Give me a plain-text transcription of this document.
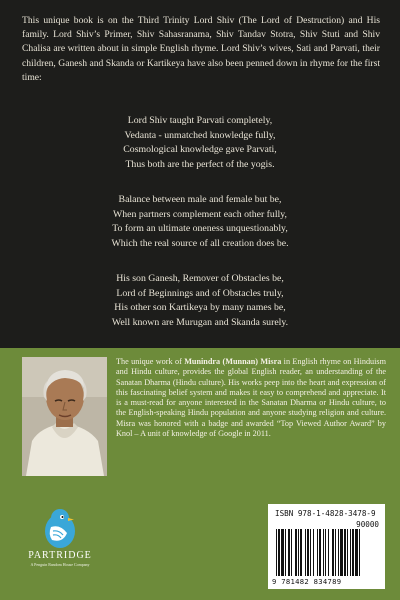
This unique book is on the Third Trinity Lord Shiv (The Lord of Destruction) and His family. Lord Shiv’s Primer, Shiv Sahasranama, Shiv Tandav Stotra, Shiv Stuti and Shiv Chalisa are written about in simple English rhyme. Lord Shiv’s wives, Sati and Parvati, their children, Ganesh and Skanda or Kartikeya have also been penned down in rhyme for the first time:
Lord Shiv taught Parvati completely,
Vedanta - unmatched knowledge fully,
Cosmological knowledge gave Parvati,
Thus both are the perfect of the yogis.
Balance between male and female but be,
When partners complement each other fully,
To form an ultimate oneness unquestionably,
Which the real source of all creation does be.
His son Ganesh, Remover of Obstacles be,
Lord of Beginnings and of Obstacles truly,
His other son Kartikeya by many names be,
Well known are Murugan and Skanda surely.
The unique work of Munindra (Munnan) Misra in English rhyme on Hinduism and Hindu culture, provides the global English reader, an understanding of the Sanatan Dharma (Hindu culture). His works peep into the heart and expression of this fascinating belief system and makes it easy to comprehend and appreciate. It is a must-read for anyone interested in the Sanatan Dharma or Hindu culture, to the English-speaking Hindu population and anyone studying religion and culture. Misra was honored with a badge and awarded “Top Viewed Author Award” by Knol – A unit of knowledge of Google in 2011.
PARTRIDGE
A Penguin Random House Company
ISBN 978-1-4828-3478-9
90000
9 781482 834789
